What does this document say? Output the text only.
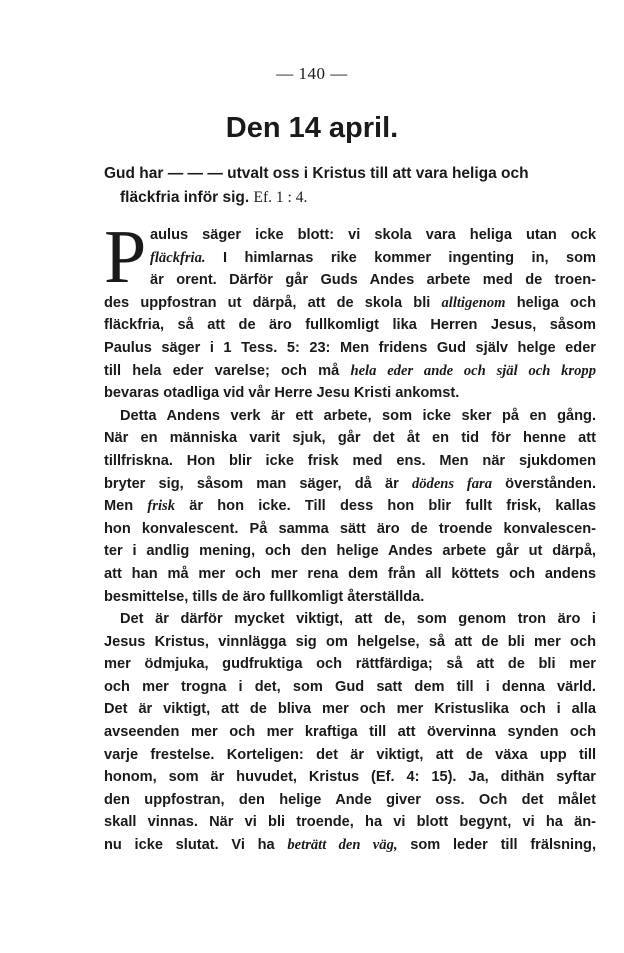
— 140 —
Den 14 april.
Gud har — — — utvalt oss i Kristus till att vara heliga och
fläckfria inför sig. Ef. 1 : 4.
P aulus säger icke blott: vi skola vara heliga utan ock
fläckfria. I himlarnas rike kommer ingenting in, som
är orent. Därför går Guds Andes arbete med de troen-
des uppfostran ut därpå, att de skola bli alltigenom heliga och
fläckfria, så att de äro fullkomligt lika Herren Jesus, såsom
Paulus säger i 1 Tess. 5: 23: Men fridens Gud själv helge eder
till hela eder varelse; och må hela eder ande och själ och kropp
bevaras otadliga vid vår Herre Jesu Kristi ankomst.
Detta Andens verk är ett arbete, som icke sker på en gång.
När en människa varit sjuk, går det åt en tid för henne att
tillfriskna. Hon blir icke frisk med ens. Men när sjukdomen
bryter sig, såsom man säger, då är dödens fara överstånden.
Men frisk är hon icke. Till dess hon blir fullt frisk, kallas
hon konvalescent. På samma sätt äro de troende konvalescen-
ter i andlig mening, och den helige Andes arbete går ut därpå,
att han må mer och mer rena dem från all köttets och andens
besmittelse, tills de äro fullkomligt återställda.
Det är därför mycket viktigt, att de, som genom tron äro i
Jesus Kristus, vinnlägga sig om helgelse, så att de bli mer och
mer ödmjuka, gudfruktiga och rättfärdiga; så att de bli mer
och mer trogna i det, som Gud satt dem till i denna värld.
Det är viktigt, att de bliva mer och mer Kristuslika och i alla
avseenden mer och mer kraftiga till att övervinna synden och
varje frestelse. Korteligen: det är viktigt, att de växa upp till
honom, som är huvudet, Kristus (Ef. 4: 15). Ja, dithän syftar
den uppfostran, den helige Ande giver oss. Och det målet
skall vinnas. När vi bli troende, ha vi blott begynt, vi ha än-
nu icke slutat. Vi ha beträtt den väg, som leder till frälsning,
